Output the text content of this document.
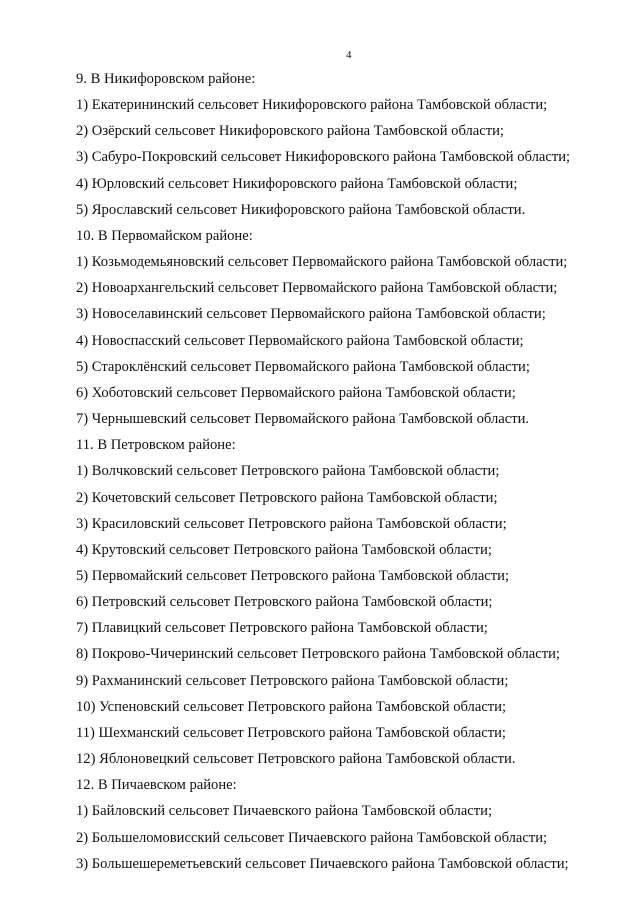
4
9. В Никифоровском районе:
1) Екатерининский сельсовет Никифоровского района Тамбовской области;
2) Озёрский сельсовет Никифоровского района Тамбовской области;
3) Сабуро-Покровский сельсовет Никифоровского района Тамбовской области;
4) Юрловский сельсовет Никифоровского района Тамбовской области;
5) Ярославский сельсовет Никифоровского района Тамбовской области.
10. В Первомайском районе:
1) Козьмодемьяновский сельсовет Первомайского района Тамбовской области;
2) Новоархангельский сельсовет Первомайского района Тамбовской области;
3) Новоселавинский сельсовет Первомайского района Тамбовской области;
4) Новоспасский сельсовет Первомайского района Тамбовской области;
5) Староклёнский сельсовет Первомайского района Тамбовской области;
6) Хоботовский сельсовет Первомайского района Тамбовской области;
7) Чернышевский сельсовет Первомайского района Тамбовской области.
11. В Петровском районе:
1) Волчковский сельсовет Петровского района Тамбовской области;
2) Кочетовский сельсовет Петровского района Тамбовской области;
3) Красиловский сельсовет Петровского района Тамбовской области;
4) Крутовский сельсовет Петровского района Тамбовской области;
5) Первомайский сельсовет Петровского района Тамбовской области;
6) Петровский сельсовет Петровского района Тамбовской области;
7) Плавицкий сельсовет Петровского района Тамбовской области;
8) Покрово-Чичеринский сельсовет Петровского района Тамбовской области;
9) Рахманинский сельсовет Петровского района Тамбовской области;
10) Успеновский сельсовет Петровского района Тамбовской области;
11) Шехманский сельсовет Петровского района Тамбовской области;
12) Яблоновецкий сельсовет Петровского района Тамбовской области.
12. В Пичаевском районе:
1) Байловский сельсовет Пичаевского района Тамбовской области;
2) Большеломовисский сельсовет Пичаевского района Тамбовской области;
3) Большешереметьевский сельсовет Пичаевского района Тамбовской области;
